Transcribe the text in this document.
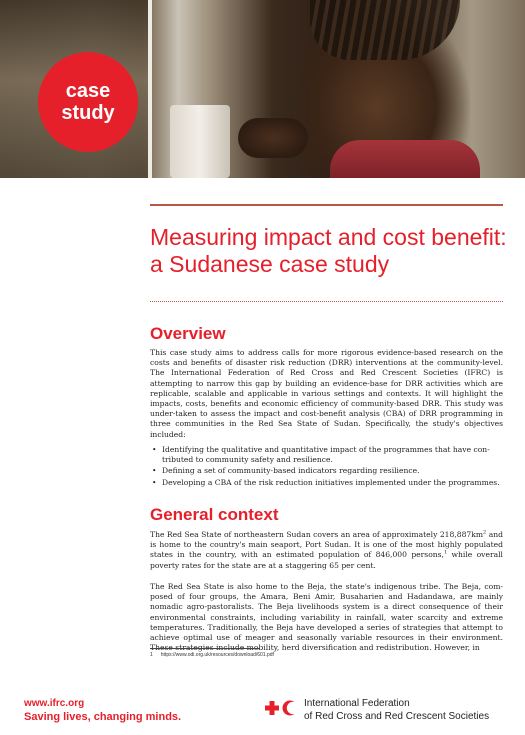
case
study
Measuring impact and cost benefit: a Sudanese case study
Overview

This case study aims to address calls for more rigorous evidence-based research on the costs and benefits of disaster risk reduction (DRR) interventions at the community-level. The International Federation of Red Cross and Red Crescent Societies (IFRC) is attempting to narrow this gap by building an evidence-base for DRR activities which are replicable, scalable and applicable in various settings and contexts. It will highlight the impacts, costs, benefits and economic efficiency of community-based DRR. This study was under-taken to assess the impact and cost-benefit analysis (CBA) of DRR programming in three communities in the Red Sea State of Sudan. Specifically, the study's objectives included:

• Identifying the qualitative and quantitative impact of the programmes that have con-tributed to community safety and resilience.
• Defining a set of community-based indicators regarding resilience.
• Developing a CBA of the risk reduction initiatives implemented under the programmes.
General context

The Red Sea State of northeastern Sudan covers an area of approximately $218,887km^2$ and is home to the country's main seaport, Port Sudan. It is one of the most highly populated states in the country, with an estimated population of 846,000 persons,$^1$ while overall poverty rates for the state are at a staggering 65 per cent.

The Red Sea State is also home to the Beja, the state's indigenous tribe. The Beja, com-posed of four groups, the Amara, Beni Amir, Busaharien and Hadandawa, are mainly nomadic agro-pastoralists. The Beja livelihoods system is a direct consequence of their environmental constraints, including variability in rainfall, water scarcity and extreme temperatures. Traditionally, the Beja have developed a series of strategies that attempt to achieve optimal use of meager and seasonally variable resources in their environment. These strategies include mobility, herd diversification and redistribution. However, in

1 https://www.odi.org.uk/resources/download/601.pdf
www.ifrc.org
Saving lives, changing minds.
International Federation
of Red Cross and Red Crescent Societies
